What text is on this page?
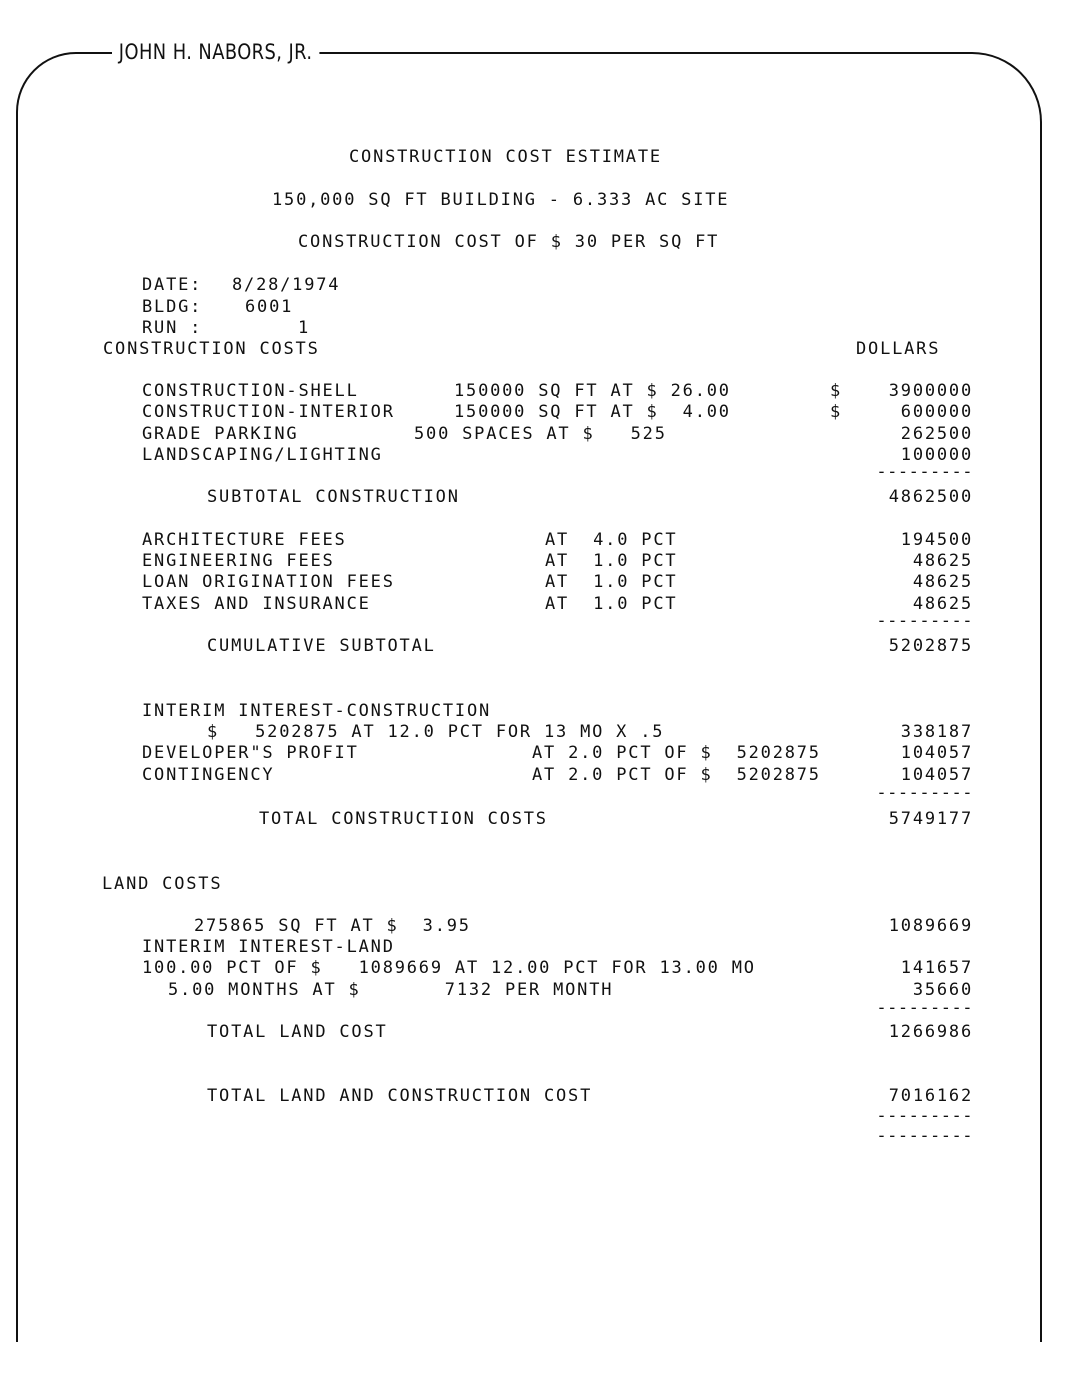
JOHN H. NABORS, JR.
CONSTRUCTION COST ESTIMATE
150,000 SQ FT BUILDING - 6.333 AC SITE
CONSTRUCTION COST OF $ 30 PER SQ FT
DATE: 8/28/1974
BLDG:	6001
RUN :	1
CONSTRUCTION COSTS	DOLLARS
CONSTRUCTION-SHELL	150000 SQ FT AT $ 26.00	$	3900000
CONSTRUCTION-INTERIOR	150000 SQ FT AT $  4.00	$	600000
GRADE PARKING	500 SPACES AT $   525	262500
LANDSCAPING/LIGHTING	100000
---------
SUBTOTAL CONSTRUCTION	4862500
ARCHITECTURE FEES	AT  4.0 PCT	194500
ENGINEERING FEES	AT  1.0 PCT	48625
LOAN ORIGINATION FEES	AT  1.0 PCT	48625
TAXES AND INSURANCE	AT  1.0 PCT	48625
---------
CUMULATIVE SUBTOTAL	5202875
INTERIM INTEREST-CONSTRUCTION
$   5202875 AT 12.0 PCT FOR 13 MO X .5	338187
DEVELOPER"S PROFIT	AT 2.0 PCT OF $  5202875	104057
CONTINGENCY	AT 2.0 PCT OF $  5202875	104057
---------
TOTAL CONSTRUCTION COSTS	5749177
LAND COSTS
275865 SQ FT AT $  3.95	1089669
INTERIM INTEREST-LAND
100.00 PCT OF $   1089669 AT 12.00 PCT FOR 13.00 MO	141657
5.00 MONTHS AT $       7132 PER MONTH	35660
---------
TOTAL LAND COST	1266986
TOTAL LAND AND CONSTRUCTION COST	7016162
---------
---------
